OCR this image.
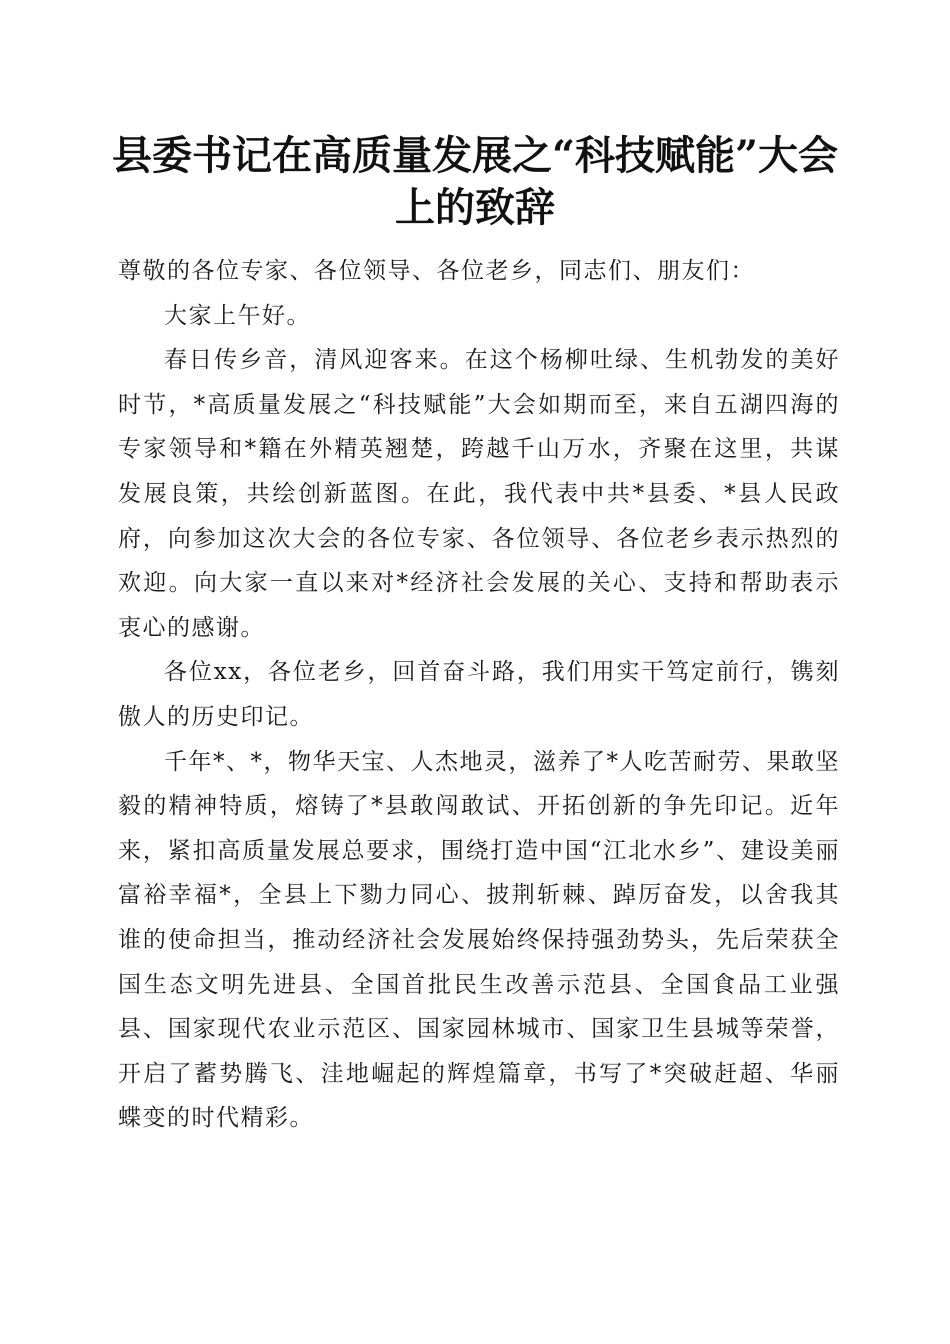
县委书记在高质量发展之“科技赋能”大会上的致辞

尊敬的各位专家、各位领导、各位老乡，同志们、朋友们：

大家上午好。

春日传乡音，清风迎客来。在这个杨柳吐绿、生机勃发的美好时节，*高质量发展之“科技赋能”大会如期而至，来自五湖四海的专家领导和*籍在外精英翘楚，跨越千山万水，齐聚在这里，共谋发展良策，共绘创新蓝图。在此，我代表中共*县委、*县人民政府，向参加这次大会的各位专家、各位领导、各位老乡表示热烈的欢迎。向大家一直以来对*经济社会发展的关心、支持和帮助表示衷心的感谢。

各位xx，各位老乡，回首奋斗路，我们用实干笃定前行，镌刻傲人的历史印记。

千年*、*，物华天宝、人杰地灵，滋养了*人吃苦耐劳、果敢坚毅的精神特质，熔铸了*县敢闯敢试、开拓创新的争先印记。近年来，紧扣高质量发展总要求，围绕打造中国“江北水乡”、建设美丽富裕幸福*，全县上下勠力同心、披荆斩棘、踔厉奋发，以舍我其谁的使命担当，推动经济社会发展始终保持强劲势头，先后荣获全国生态文明先进县、全国首批民生改善示范县、全国食品工业强县、国家现代农业示范区、国家园林城市、国家卫生县城等荣誉，开启了蓄势腾飞、洼地崛起的辉煌篇章，书写了*突破赶超、华丽蝶变的时代精彩。
